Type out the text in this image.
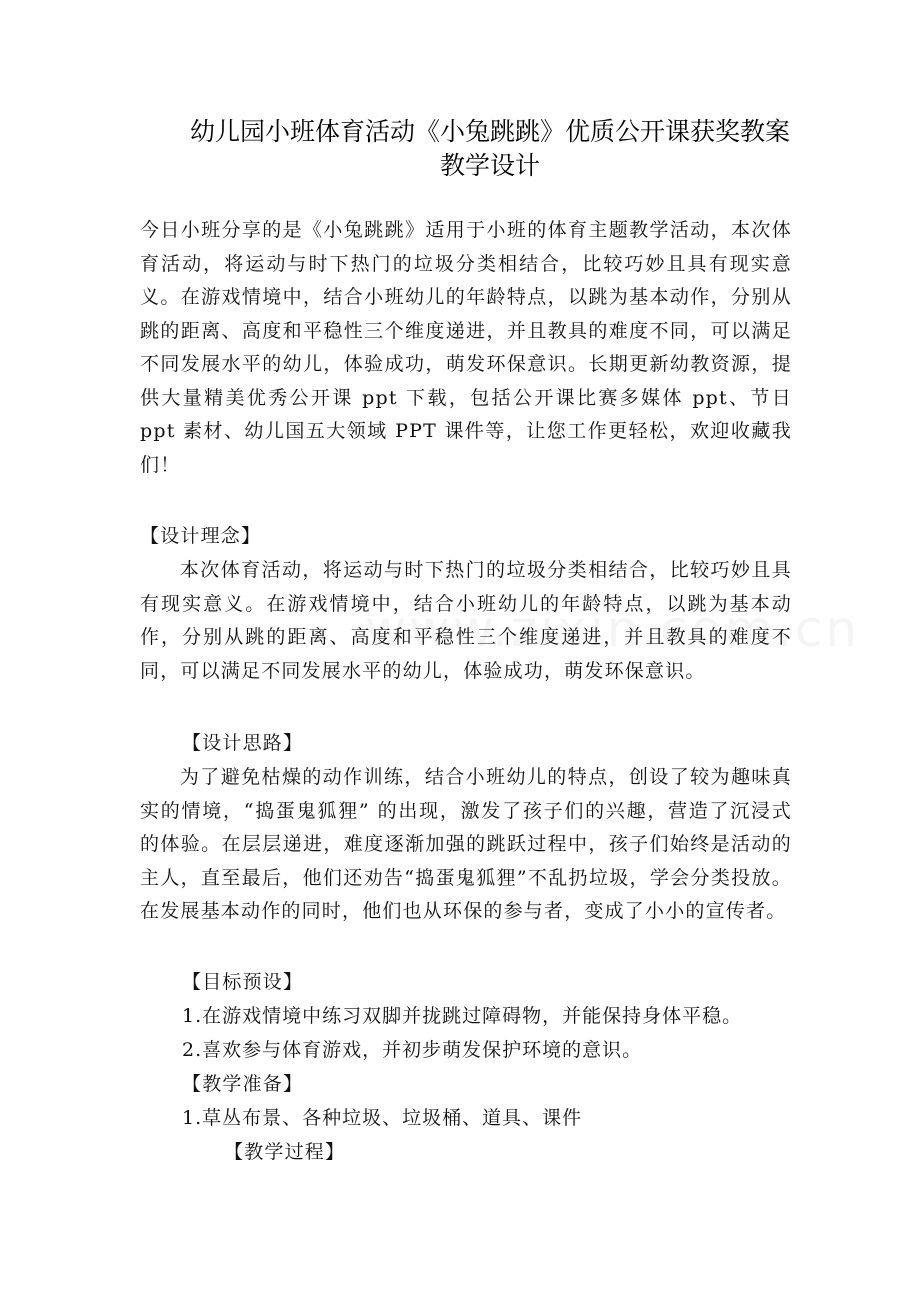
幼儿园小班体育活动《小兔跳跳》优质公开课获奖教案
教学设计

今日小班分享的是《小兔跳跳》适用于小班的体育主题教学活动，本次体育活动，将运动与时下热门的垃圾分类相结合，比较巧妙且具有现实意义。在游戏情境中，结合小班幼儿的年龄特点，以跳为基本动作，分别从跳的距离、高度和平稳性三个维度递进，并且教具的难度不同，可以满足不同发展水平的幼儿，体验成功，萌发环保意识。长期更新幼教资源，提供大量精美优秀公开课 ppt 下载，包括公开课比赛多媒体 ppt、节日 ppt 素材、幼儿国五大领域 PPT 课件等，让您工作更轻松，欢迎收藏我们！

【设计理念】

本次体育活动，将运动与时下热门的垃圾分类相结合，比较巧妙且具有现实意义。在游戏情境中，结合小班幼儿的年龄特点，以跳为基本动作，分别从跳的距离、高度和平稳性三个维度递进，并且教具的难度不同，可以满足不同发展水平的幼儿，体验成功，萌发环保意识。

【设计思路】

为了避免枯燥的动作训练，结合小班幼儿的特点，创设了较为趣味真实的情境，“捣蛋鬼狐狸” 的出现，激发了孩子们的兴趣，营造了沉浸式的体验。在层层递进，难度逐渐加强的跳跃过程中，孩子们始终是活动的主人，直至最后，他们还劝告“捣蛋鬼狐狸”不乱扔垃圾，学会分类投放。在发展基本动作的同时，他们也从环保的参与者，变成了小小的宣传者。

【目标预设】
1.在游戏情境中练习双脚并拢跳过障碍物，并能保持身体平稳。
2.喜欢参与体育游戏，并初步萌发保护环境的意识。
【教学准备】
1.草丛布景、各种垃圾、垃圾桶、道具、课件
【教学过程】
